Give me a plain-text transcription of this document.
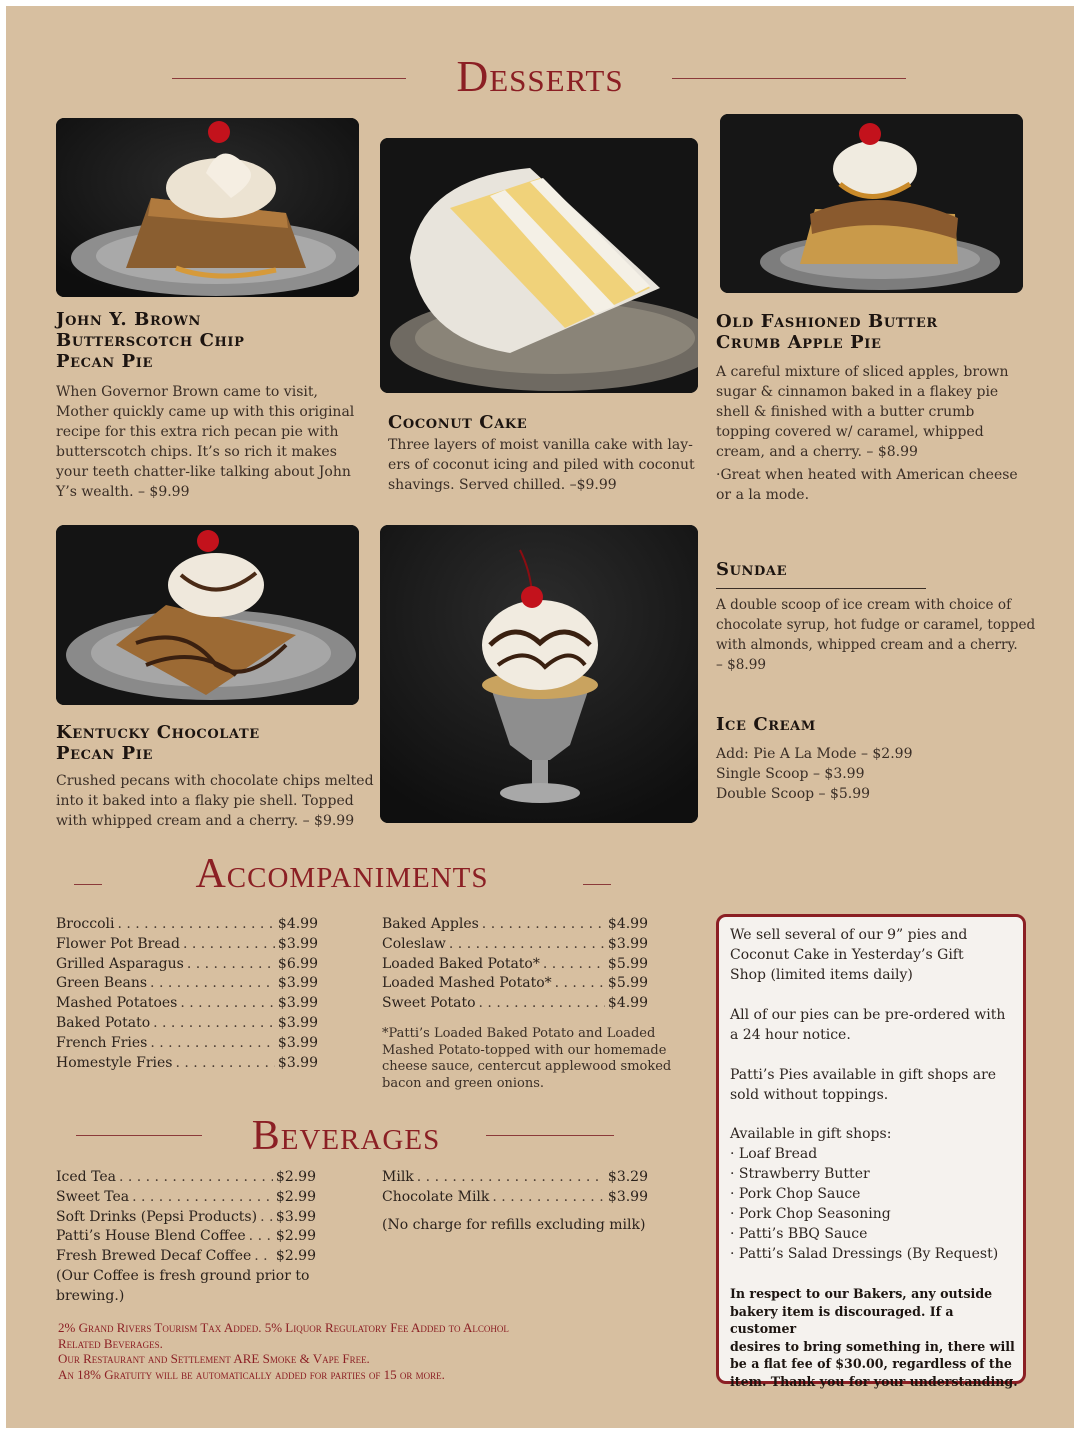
Desserts
John Y. Brown
Butterscotch Chip
Pecan Pie
When Governor Brown came to visit,
Mother quickly came up with this original
recipe for this extra rich pecan pie with
butterscotch chips. It’s so rich it makes
your teeth chatter-like talking about John
Y’s wealth. – $9.99
Coconut Cake
Three layers of moist vanilla cake with lay-
ers of coconut icing and piled with coconut
shavings. Served chilled. –$9.99
Old Fashioned Butter
Crumb Apple Pie
A careful mixture of sliced apples, brown
sugar & cinnamon baked in a flakey pie
shell & finished with a butter crumb
topping covered w/ caramel, whipped
cream, and a cherry. – $8.99
·Great when heated with American cheese
or a la mode.
Kentucky Chocolate
Pecan Pie
Crushed pecans with chocolate chips melted
into it baked into a flaky pie shell. Topped
with whipped cream and a cherry. – $9.99
Sundae
A double scoop of ice cream with choice of
chocolate syrup, hot fudge or caramel, topped
with almonds, whipped cream and a cherry.
– $8.99
Ice Cream
Add: Pie A La Mode – $2.99
Single Scoop – $3.99
Double Scoop – $5.99
Accompaniments
Broccoli . . .	$4.99
Flower Pot Bread . . .	$3.99
Grilled Asparagus . . .	$6.99
Green Beans . . .	$3.99
Mashed Potatoes . . .	$3.99
Baked Potato . . .	$3.99
French Fries . . .	$3.99
Homestyle Fries . . .	$3.99
Baked Apples . . .	$4.99
Coleslaw . . .	$3.99
Loaded Baked Potato* . . .	$5.99
Loaded Mashed Potato* . . .	$5.99
Sweet Potato . . .	$4.99
*Patti’s Loaded Baked Potato and Loaded
Mashed Potato-topped with our homemade
cheese sauce, centercut applewood smoked
bacon and green onions.
Beverages
Iced Tea . . .	$2.99
Sweet Tea . . .	$2.99
Soft Drinks (Pepsi Products) . . . $3.99
Patti’s House Blend Coffee . . . $2.99
Fresh Brewed Decaf Coffee . . . $2.99
(Our Coffee is fresh ground prior to
brewing.)
Milk . . .	$3.29
Chocolate Milk . . .	$3.99
(No charge for refills excluding milk)
2% Grand Rivers Tourism Tax Added. 5% Liquor Regulatory Fee Added to Alcohol
Related Beverages.
Our Restaurant and Settlement ARE Smoke & Vape Free.
An 18% Gratuity will be automatically added for parties of 15 or more.

We sell several of our 9” pies and

Coconut Cake in Yesterday’s Gift

Shop (limited items daily)

All of our pies can be pre-ordered with

a 24 hour notice.

Patti’s Pies available in gift shops are

sold without toppings.

Available in gift shops:

· Loaf Bread

· Strawberry Butter

· Pork Chop Sauce

· Pork Chop Seasoning

· Patti’s BBQ Sauce

· Patti’s Salad Dressings (By Request)

In respect to our Bakers, any outside

bakery item is discouraged. If a customer

desires to bring something in, there will

be a flat fee of $30.00, regardless of the

item. Thank you for your understanding.
